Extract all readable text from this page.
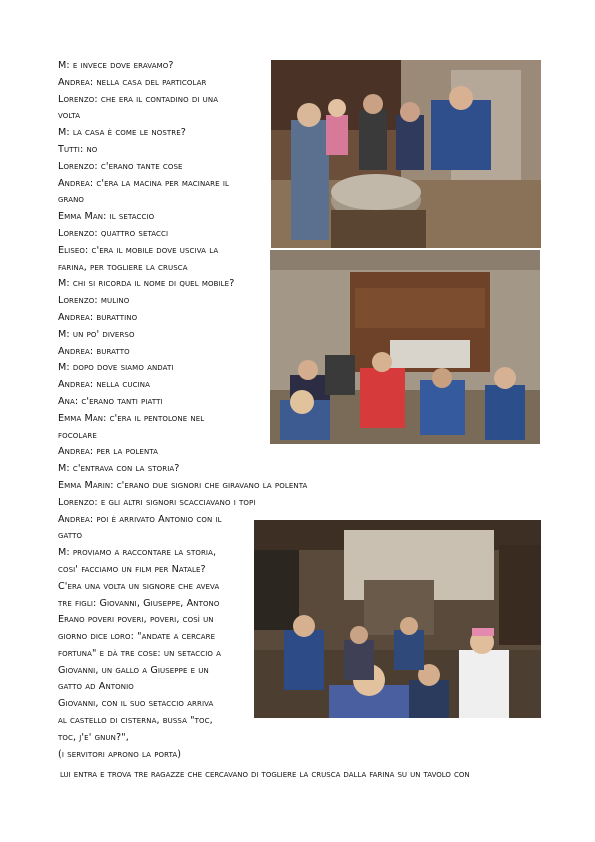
M: e invece dove eravamo?
Andrea: nella casa del particolar
Lorenzo: che era il contadino di una
volta
M: la casa è come le nostre?
Tutti: no
Lorenzo: c'erano tante cose
Andrea: c'era la macina per macinare il
grano
Emma Man: il setaccio
Lorenzo: quattro setacci
Eliseo: c'era il mobile dove usciva la
farina, per togliere la crusca
M: chi si ricorda il nome di quel mobile?
Lorenzo: mulino
Andrea: burattino
M: un po' diverso
Andrea: buratto
M: dopo dove siamo andati
Andrea: nella cucina
Ana: c'erano tanti piatti
Emma Man: c'era il pentolone nel
focolare
Andrea: per la polenta
M: c'entrava con la storia?
Emma Marin: c'erano due signori che giravano la polenta
Lorenzo: e gli altri signori scacciavano i topi
Andrea: poi è arrivato Antonio con il
gatto
M: proviamo a raccontare la storia,
cosi' facciamo un film per Natale?
C'era una volta un signore che aveva
tre figli: Giovanni, Giuseppe, Antono
Erano poveri poveri, poveri, così un
giorno dice loro: "andate a cercare
fortuna" e dà tre cose: un setaccio a
Giovanni, un gallo a Giuseppe e un
gatto ad Antonio
Giovanni, con il suo setaccio arriva
al castello di cisterna, bussa "toc,
toc, j'e' gnun?",
(i servitori aprono la porta)
lui entra e trova tre ragazze che cercavano di togliere la crusca dalla farina su un tavolo con
